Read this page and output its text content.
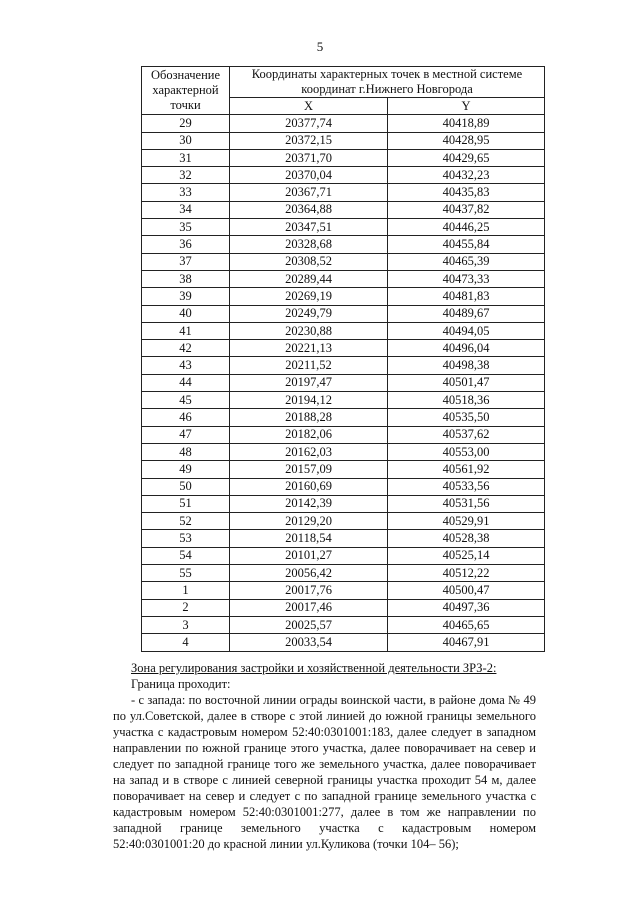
5
Обозначение характерной точки	Координаты характерных точек в местной системе координат г.Нижнего Новгорода	
	X	Y
29	20377,74	40418,89
30	20372,15	40428,95
31	20371,70	40429,65
32	20370,04	40432,23
33	20367,71	40435,83
34	20364,88	40437,82
35	20347,51	40446,25
36	20328,68	40455,84
37	20308,52	40465,39
38	20289,44	40473,33
39	20269,19	40481,83
40	20249,79	40489,67
41	20230,88	40494,05
42	20221,13	40496,04
43	20211,52	40498,38
44	20197,47	40501,47
45	20194,12	40518,36
46	20188,28	40535,50
47	20182,06	40537,62
48	20162,03	40553,00
49	20157,09	40561,92
50	20160,69	40533,56
51	20142,39	40531,56
52	20129,20	40529,91
53	20118,54	40528,38
54	20101,27	40525,14
55	20056,42	40512,22
1	20017,76	40500,47
2	20017,46	40497,36
3	20025,57	40465,65
4	20033,54	40467,91
Зона регулирования застройки и хозяйственной деятельности ЗРЗ-2:
Граница проходит:

- с запада: по восточной линии ограды воинской части, в районе дома № 49 по ул.Советской, далее в створе с этой линией до южной границы земельного участка с кадастровым номером 52:40:0301001:183, далее следует в западном направлении по южной границе этого участка, далее поворачивает на север и следует по западной границе того же земельного участка, далее поворачивает на запад и в створе с линией северной границы участка проходит 54 м, далее поворачивает на север и следует с по западной границе земельного участка с кадастровым номером 52:40:0301001:277, далее в том же направлении по западной границе земельного участка с кадастровым номером 52:40:0301001:20 до красной линии ул.Куликова (точки 104– 56);
